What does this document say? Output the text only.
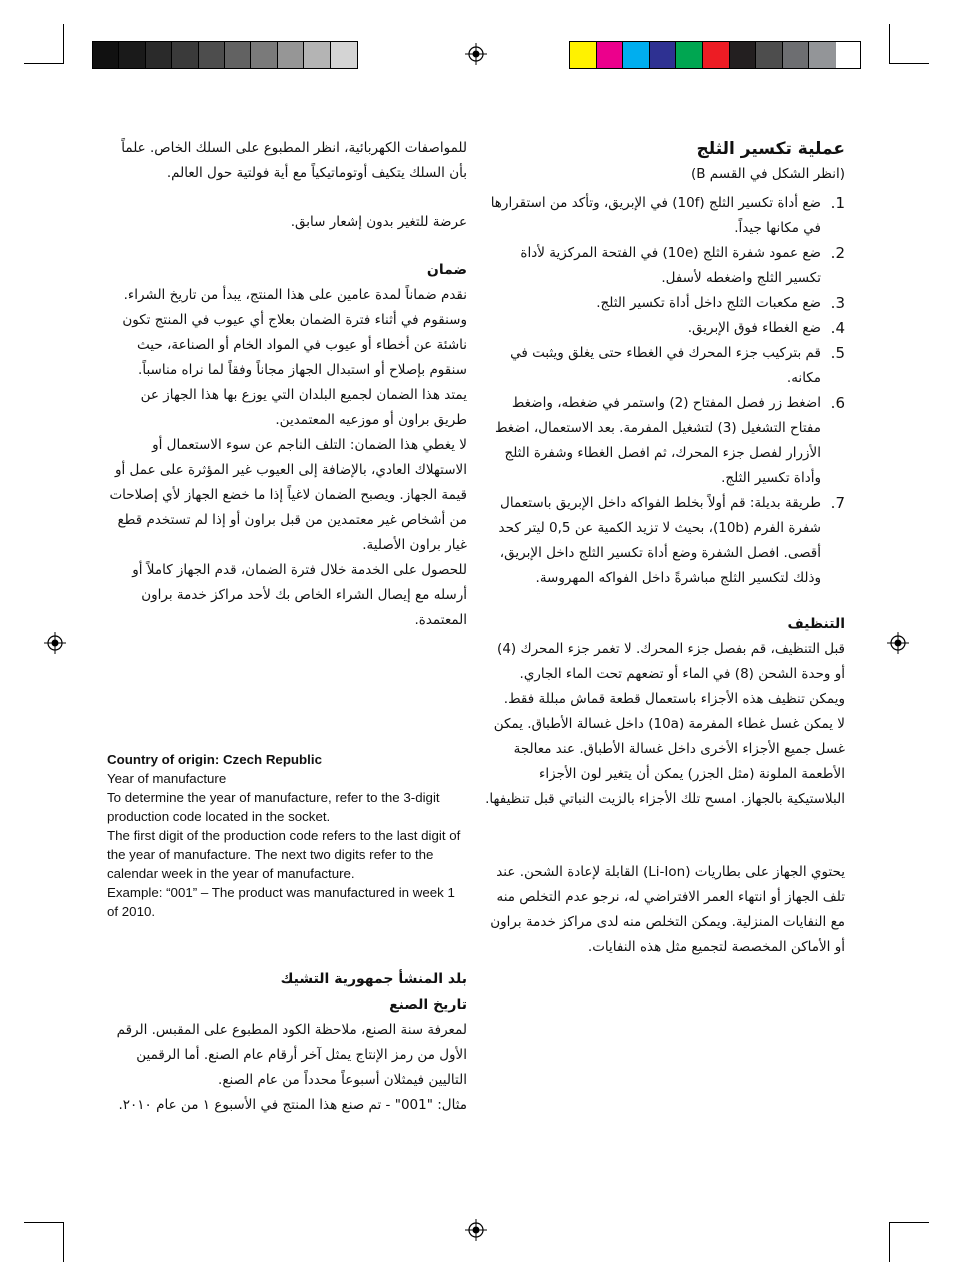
عملية تكسير الثلج

(انظر الشكل في القسم B)

1.
ضع أداة تكسير الثلج (10f) في الإبريق، وتأكد من استقرارها في مكانها جيداً.
2.
ضع عمود شفرة الثلج (10e) في الفتحة المركزية لأداة تكسير الثلج واضغطه لأسفل.
3.
ضع مكعبات الثلج داخل أداة تكسير الثلج.
4.
ضع الغطاء فوق الإبريق.
5.
قم بتركيب جزء المحرك في الغطاء حتى يغلق ويثبت في مكانه.
6.
اضغط زر فصل المفتاح (2) واستمر في ضغطه، واضغط مفتاح التشغيل (3) لتشغيل المفرمة. بعد الاستعمال، اضغط الأزرار لفصل جزء المحرك، ثم افصل الغطاء وشفرة الثلج وأداة تكسير الثلج.
7.
طريقة بديلة: قم أولاً بخلط الفواكه داخل الإبريق باستعمال شفرة الفرم (10b)، بحيث لا تزيد الكمية عن 0,5 ليتر كحد أقصى. افصل الشفرة وضع أداة تكسير الثلج داخل الإبريق، وذلك لتكسير الثلج مباشرةً داخل الفواكه المهروسة.
التنظيف

قبل التنظيف، قم بفصل جزء المحرك. لا تغمر جزء المحرك (4) أو وحدة الشحن (8) في الماء أو تضعهم تحت الماء الجاري. ويمكن تنظيف هذه الأجزاء باستعمال قطعة قماش مبللة فقط.

لا يمكن غسل غطاء المفرمة (10a) داخل غسالة الأطباق. يمكن غسل جميع الأجزاء الأخرى داخل غسالة الأطباق. عند معالجة الأطعمة الملونة (مثل الجزر) يمكن أن يتغير لون الأجزاء البلاستيكية بالجهاز. امسح تلك الأجزاء بالزيت النباتي قبل تنظيفها.

يحتوي الجهاز على بطاريات (Li-Ion) القابلة لإعادة الشحن. عند تلف الجهاز أو انتهاء العمر الافتراضي له، نرجو عدم التخلص منه مع النفايات المنزلية. ويمكن التخلص منه لدى مراكز خدمة براون أو الأماكن المخصصة لتجميع مثل هذه النفايات.

للمواصفات الكهربائية، انظر المطبوع على السلك الخاص. علماً بأن السلك يتكيف أوتوماتيكياً مع أية فولتية حول العالم.

عرضة للتغير بدون إشعار سابق.

ضمان

نقدم ضماناً لمدة عامين على هذا المنتج، يبدأ من تاريخ الشراء. وسنقوم في أثناء فترة الضمان بعلاج أي عيوب في المنتج تكون ناشئة عن أخطاء أو عيوب في المواد الخام أو الصناعة، حيث سنقوم بإصلاح أو استبدال الجهاز مجاناً وفقاً لما نراه مناسباً.

يمتد هذا الضمان لجميع البلدان التي يوزع بها هذا الجهاز عن طريق براون أو موزعيه المعتمدين.

لا يغطي هذا الضمان: التلف الناجم عن سوء الاستعمال أو الاستهلاك العادي، بالإضافة إلى العيوب غير المؤثرة على عمل أو قيمة الجهاز. ويصبح الضمان لاغياً إذا ما خضع الجهاز لأي إصلاحات من أشخاص غير معتمدين من قبل براون أو إذا لم تستخدم قطع غيار براون الأصلية.

للحصول على الخدمة خلال فترة الضمان، قدم الجهاز كاملاً أو أرسله مع إيصال الشراء الخاص بك لأحد مراكز خدمة براون المعتمدة.

Country of origin: Czech Republic

Year of manufacture

To determine the year of manufacture, refer to the 3-digit production code located in the socket.

The first digit of the production code refers to the last digit of the year of manufacture. The next two digits refer to the calendar week in the year of manufacture.

Example: “001” – The product was manufactured in week 1 of 2010.

بلد المنشأ جمهورية التشيك
تاريخ الصنع

لمعرفة سنة الصنع، ملاحظة الكود المطبوع على المقبس. الرقم الأول من رمز الإنتاج يمثل آخر أرقام عام الصنع. أما الرقمين التاليين فيمثلان أسبوعاً محدداً من عام الصنع.

مثال: "001" - تم صنع هذا المنتج في الأسبوع ١ من عام ٢٠١٠.
